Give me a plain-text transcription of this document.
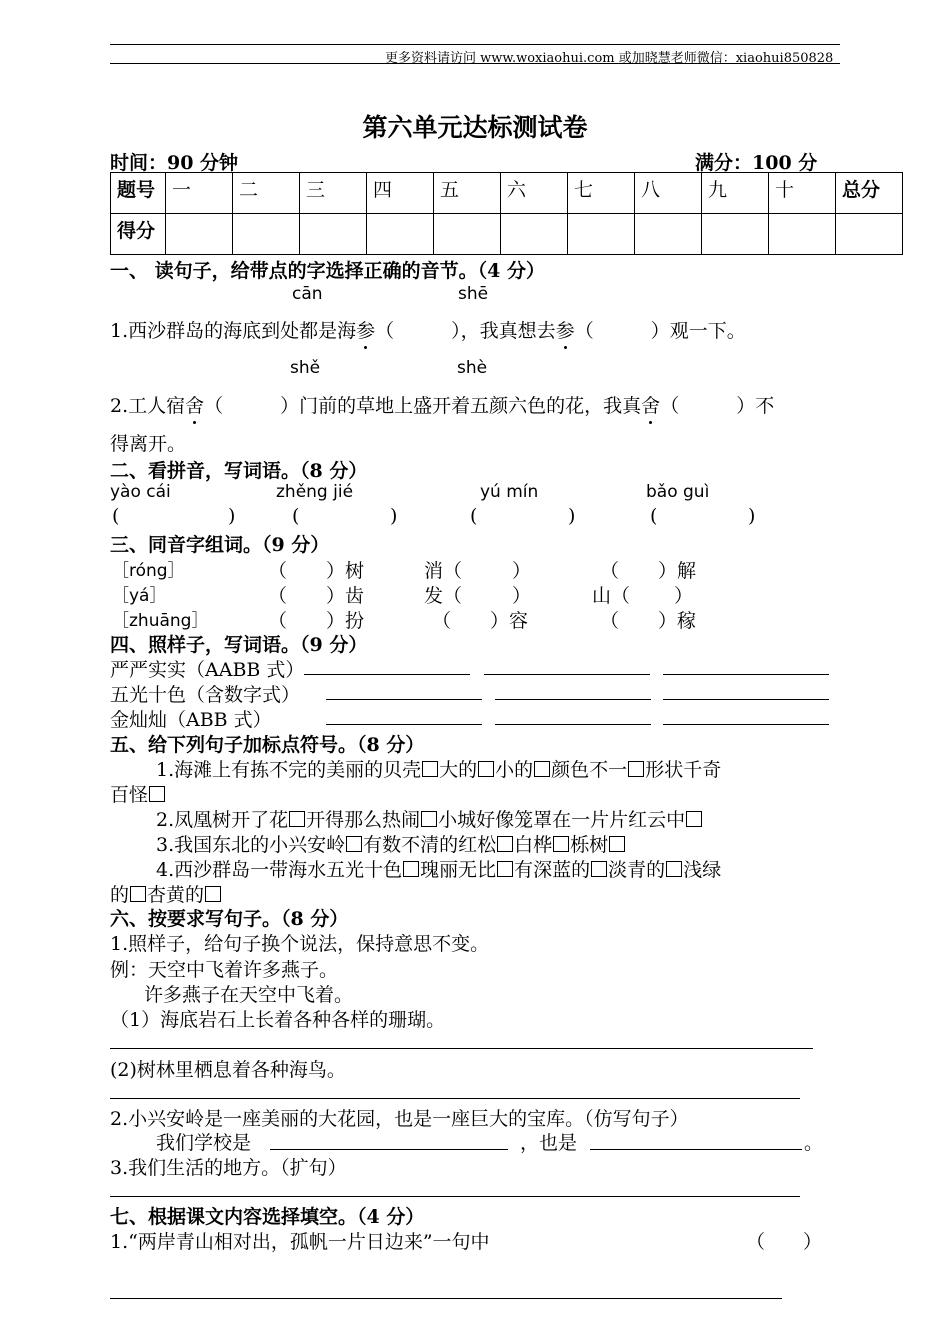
更多资料请访问 www.woxiaohui.com 或加晓慧老师微信：xiaohui850828
第六单元达标测试卷
时间：90 分钟	满分：100 分
题号	一	二	三	四	五	六	七	八	九	十	总分
得分											
一、 读句子，给带点的字选择正确的音节。（4 分）
cān	shē
1.西沙群岛的海底到处都是海参（　　　），我真想去参（　　　）观一下。
shě	shè
2.工人宿舍（　　　）门前的草地上盛开着五颜六色的花，我真舍（　　　）不
得离开。
二、看拼音，写词语。（8 分）
yào cái	zhěng jié	yú mín	bǎo guì
(	)	(	)	(	)	(	)
三、同音字组词。（9 分）
［róng］	（ ）树	消（	）	（ ）解
［yá］	（ ）齿	发（	）	山（ ）
［zhuāng］	（ ）扮	（ ）容	（ ）稼
四、照样子，写词语。（9 分）
严严实实（AABB 式）
五光十色（含数字式）
金灿灿（ABB 式）
五、给下列句子加标点符号。（8 分）
1.海滩上有拣不完的美丽的贝壳 大的 小的 颜色不一 形状千奇
百怪
2.凤凰树开了花 开得那么热闹 小城好像笼罩在一片片红云中
3.我国东北的小兴安岭 有数不清的红松 白桦 栎树
4.西沙群岛一带海水五光十色 瑰丽无比 有深蓝的 淡青的 浅绿
的 杏黄的
六、按要求写句子。（8 分）
1.照样子，给句子换个说法，保持意思不变。
例：天空中飞着许多燕子。
许多燕子在天空中飞着。
（1）海底岩石上长着各种各样的珊瑚。
(2)树林里栖息着各种海鸟。
2.小兴安岭是一座美丽的大花园，也是一座巨大的宝库。（仿写句子）
我们学校是	，也是	。
3.我们生活的地方。（扩句）
七、根据课文内容选择填空。（4 分）
1.“两岸青山相对出，孤帆一片日边来”一句中	（　　）
